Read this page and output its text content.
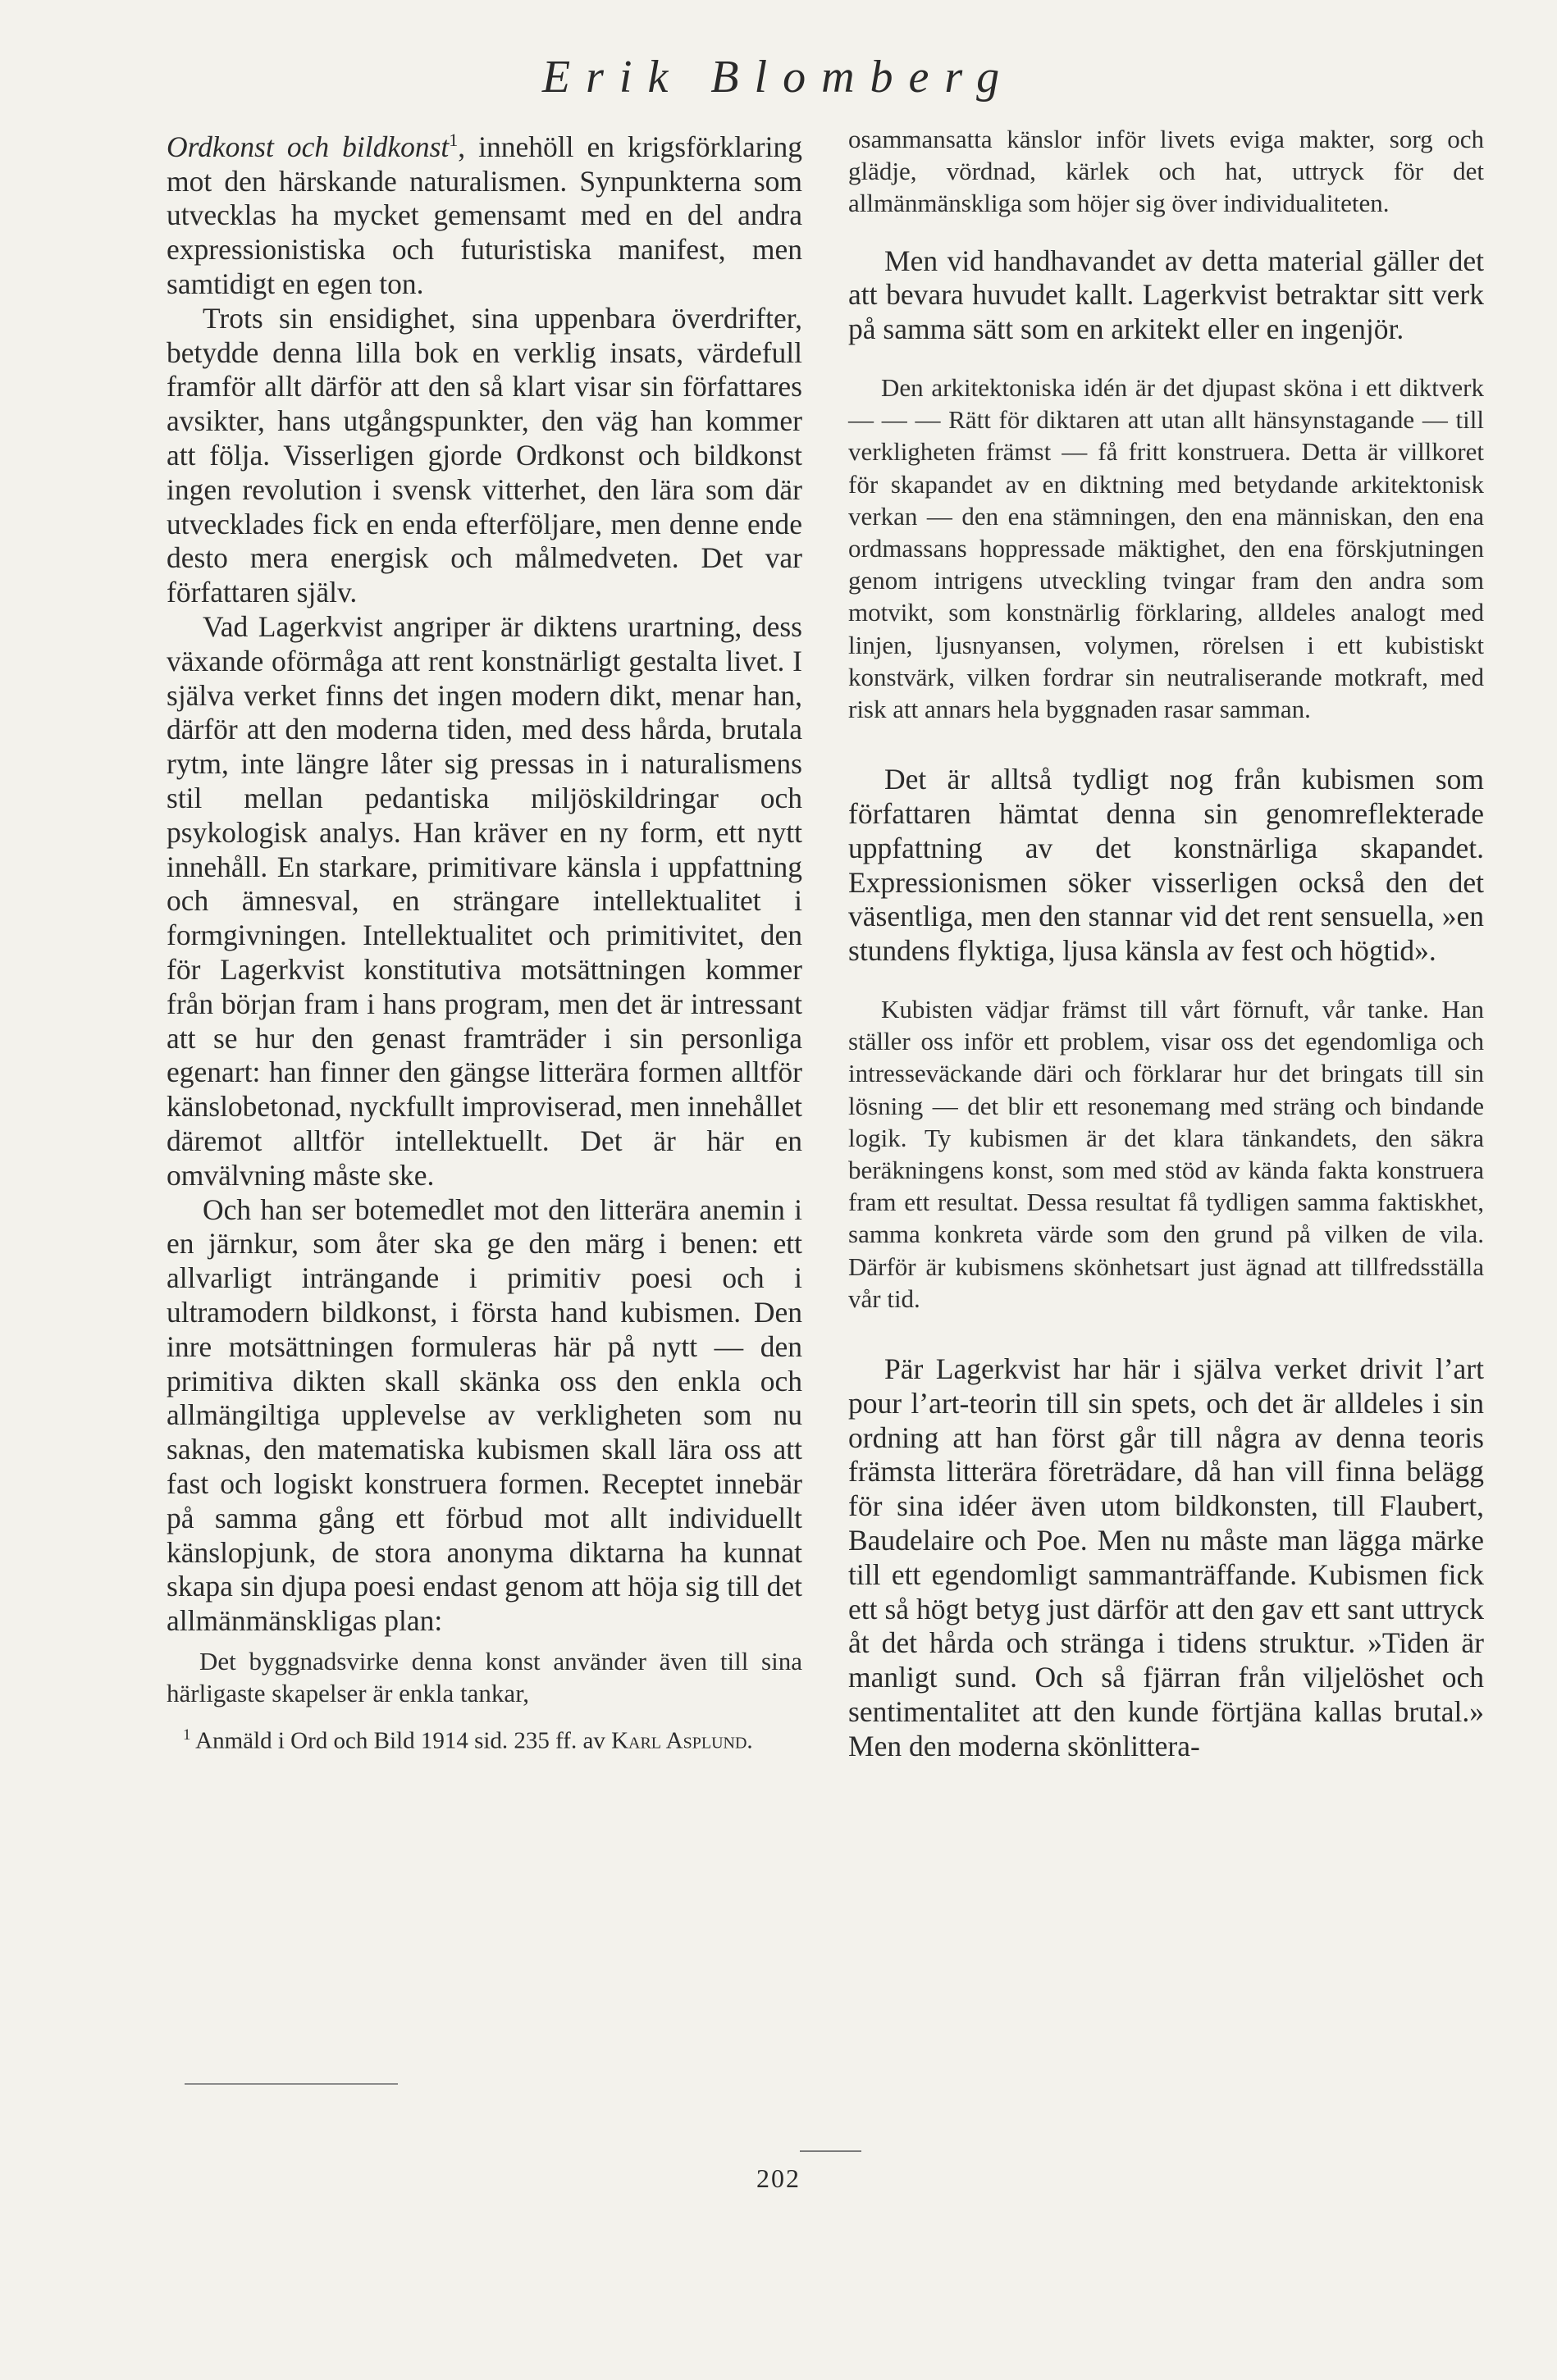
Erik Blomberg

Ordkonst och bildkonst$^1$, innehöll en krigsförklaring mot den härskande naturalismen. Synpunkterna som utvecklas ha mycket gemensamt med en del andra expressionistiska och futuristiska manifest, men samtidigt en egen ton.

Trots sin ensidighet, sina uppenbara överdrifter, betydde denna lilla bok en verklig insats, värdefull framför allt därför att den så klart visar sin författares avsikter, hans utgångspunkter, den väg han kommer att följa. Visserligen gjorde Ordkonst och bildkonst ingen revolution i svensk vitterhet, den lära som där utvecklades fick en enda efterföljare, men denne ende desto mera energisk och målmedveten. Det var författaren själv.

Vad Lagerkvist angriper är diktens urartning, dess växande oförmåga att rent konstnärligt gestalta livet. I själva verket finns det ingen modern dikt, menar han, därför att den moderna tiden, med dess hårda, brutala rytm, inte längre låter sig pressas in i naturalismens stil mellan pedantiska miljöskildringar och psykologisk analys. Han kräver en ny form, ett nytt innehåll. En starkare, primitivare känsla i uppfattning och ämnesval, en strängare intellektualitet i formgivningen. Intellektualitet och primitivitet, den för Lagerkvist konstitutiva motsättningen kommer från början fram i hans program, men det är intressant att se hur den genast framträder i sin personliga egenart: han finner den gängse litterära formen alltför känslobetonad, nyckfullt improviserad, men innehållet däremot alltför intellektuellt. Det är här en omvälvning måste ske.

Och han ser botemedlet mot den litterära anemin i en järnkur, som åter ska ge den märg i benen: ett allvarligt inträngande i primitiv poesi och i ultramodern bildkonst, i första hand kubismen. Den inre motsättningen formuleras här på nytt — den primitiva dikten skall skänka oss den enkla och allmängiltiga upplevelse av verkligheten som nu saknas, den matematiska kubismen skall lära oss att fast och logiskt konstruera formen. Receptet innebär på samma gång ett förbud mot allt individuellt känslopjunk, de stora anonyma diktarna ha kunnat skapa sin djupa poesi endast genom att höja sig till det allmänmänskligas plan:

Det byggnadsvirke denna konst använder även till sina härligaste skapelser är enkla tankar,

$^1$ Anmäld i Ord och Bild 1914 sid. 235 ff. av Karl Asplund.

osammansatta känslor inför livets eviga makter, sorg och glädje, vördnad, kärlek och hat, uttryck för det allmänmänskliga som höjer sig över individualiteten.

Men vid handhavandet av detta material gäller det att bevara huvudet kallt. Lagerkvist betraktar sitt verk på samma sätt som en arkitekt eller en ingenjör.

Den arkitektoniska idén är det djupast sköna i ett diktverk — — — Rätt för diktaren att utan allt hänsynstagande — till verkligheten främst — få fritt konstruera. Detta är villkoret för skapandet av en diktning med betydande arkitektonisk verkan — den ena stämningen, den ena människan, den ena ordmassans hoppressade mäktighet, den ena förskjutningen genom intrigens utveckling tvingar fram den andra som motvikt, som konstnärlig förklaring, alldeles analogt med linjen, ljusnyansen, volymen, rörelsen i ett kubistiskt konstvärk, vilken fordrar sin neutraliserande motkraft, med risk att annars hela byggnaden rasar samman.

Det är alltså tydligt nog från kubismen som författaren hämtat denna sin genomreflekterade uppfattning av det konstnärliga skapandet. Expressionismen söker visserligen också den det väsentliga, men den stannar vid det rent sensuella, »en stundens flyktiga, ljusa känsla av fest och högtid».

Kubisten vädjar främst till vårt förnuft, vår tanke. Han ställer oss inför ett problem, visar oss det egendomliga och intresseväckande däri och förklarar hur det bringats till sin lösning — det blir ett resonemang med sträng och bindande logik. Ty kubismen är det klara tänkandets, den säkra beräkningens konst, som med stöd av kända fakta konstruera fram ett resultat. Dessa resultat få tydligen samma faktiskhet, samma konkreta värde som den grund på vilken de vila. Därför är kubismens skönhetsart just ägnad att tillfredsställa vår tid.

Pär Lagerkvist har här i själva verket drivit l’art pour l’art-teorin till sin spets, och det är alldeles i sin ordning att han först går till några av denna teoris främsta litterära företrädare, då han vill finna belägg för sina idéer även utom bildkonsten, till Flaubert, Baudelaire och Poe. Men nu måste man lägga märke till ett egendomligt sammanträffande. Kubismen fick ett så högt betyg just därför att den gav ett sant uttryck åt det hårda och stränga i tidens struktur. »Tiden är manligt sund. Och så fjärran från viljelöshet och sentimentalitet att den kunde förtjäna kallas brutal.» Men den moderna skönlittera-

202
